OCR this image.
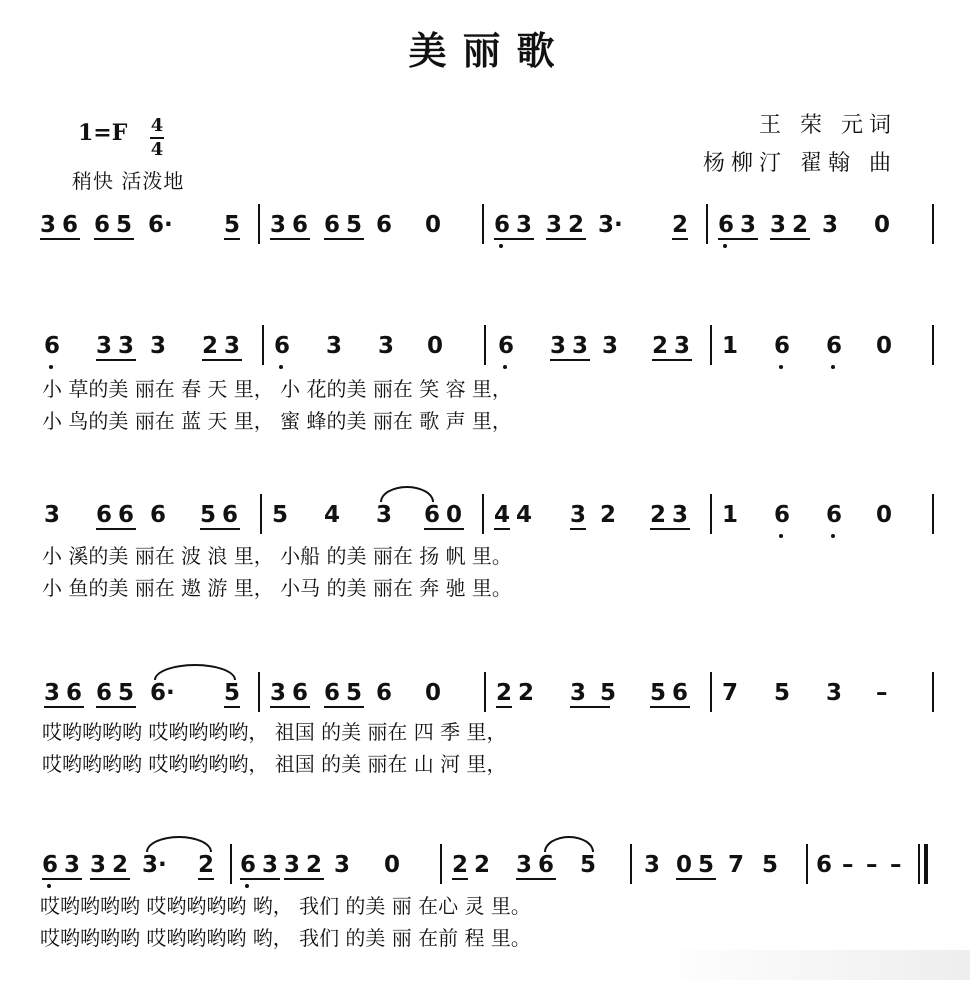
美丽歌
1=F 4
4
稍快 活泼地
王 荣 元词
杨柳汀 翟翰 曲
3 6 6 5 6· 5 3 6 6 5 6 0 6 3 3 2 3· 2 6 3 3 2 3 0
6 3 3 3 2 3 6 3 3 0 6 3 3 3 2 3 1 6 6 0
小 草的美 丽在 春 天 里， 小 花的美 丽在 笑 容 里，
小 鸟的美 丽在 蓝 天 里， 蜜 蜂的美 丽在 歌 声 里，
3 6 6 6 5 6 5 4 3 6 0 4 4 3 2 2 3 1 6 6 0
小 溪的美 丽在 波 浪 里， 小船 的美 丽在 扬 帆 里。
小 鱼的美 丽在 遨 游 里， 小马 的美 丽在 奔 驰 里。
3 6 6 5 6· 5 3 6 6 5 6 0 2 2 3 5 5 6 7 5 3 –
哎哟哟哟哟 哎哟哟哟哟， 祖国 的美 丽在 四 季 里，
哎哟哟哟哟 哎哟哟哟哟， 祖国 的美 丽在 山 河 里，
6 3 3 2 3· 2 6 3 3 2 3 0 2 2 3 6 5 3 0 5 7 5 6 – – –
哎哟哟哟哟 哎哟哟哟哟 哟， 我们 的美 丽 在心 灵 里。
哎哟哟哟哟 哎哟哟哟哟 哟， 我们 的美 丽 在前 程 里。
